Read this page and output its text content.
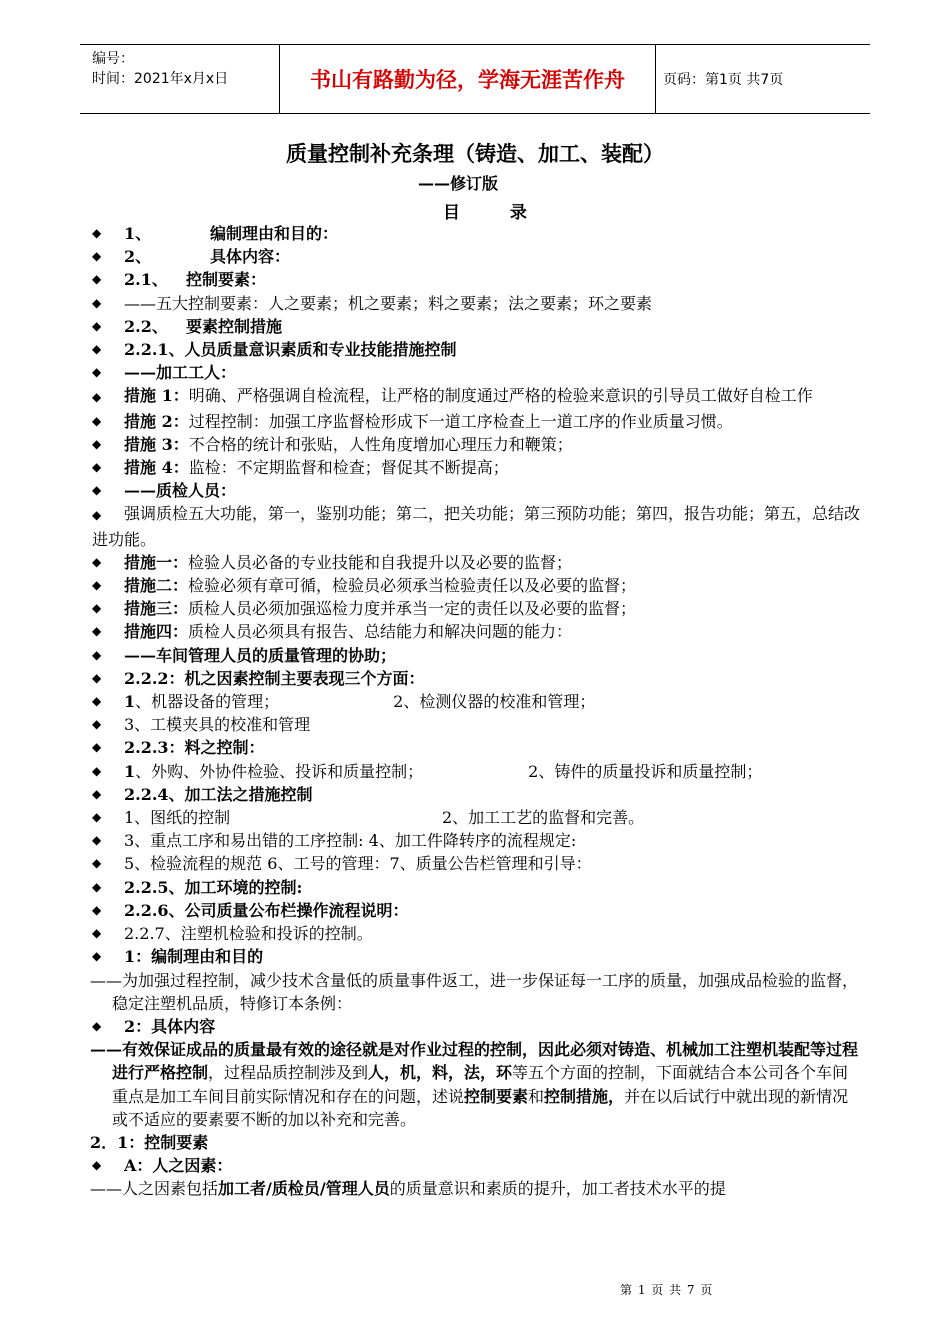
编号：
时间：2021年x月x日	书山有路勤为径，学海无涯苦作舟	页码：第1页 共7页
质量控制补充条理（铸造、加工、装配）
——修订版
目 录
◆ 1、	编制理由和目的：
◆ 2、	具体内容：
◆ 2.1、 控制要素：
◆ ——五大控制要素：人之要素；机之要素；料之要素；法之要素；环之要素
◆ 2.2、 要素控制措施
◆ 2.2.1、人员质量意识素质和专业技能措施控制
◆ ——加工工人：
◆ 措施 1：明确、严格强调自检流程，让严格的制度通过严格的检验来意识的引导员工做好自检工作
◆ 措施 2：过程控制：加强工序监督检形成下一道工序检查上一道工序的作业质量习惯。
◆ 措施 3：不合格的统计和张贴，人性角度增加心理压力和鞭策；
◆ 措施 4：监检：不定期监督和检查；督促其不断提高；
◆ ——质检人员：
◆ 强调质检五大功能，第一，鉴别功能；第二，把关功能；第三预防功能；第四，报告功能；第五，总结改进功能。
◆ 措施一：检验人员必备的专业技能和自我提升以及必要的监督；
◆ 措施二：检验必须有章可循，检验员必须承当检验责任以及必要的监督；
◆ 措施三：质检人员必须加强巡检力度并承当一定的责任以及必要的监督；
◆ 措施四：质检人员必须具有报告、总结能力和解决问题的能力：
◆ ——车间管理人员的质量管理的协助；
◆ 2.2.2：机之因素控制主要表现三个方面：
◆ 1、机器设备的管理；	2、检测仪器的校准和管理；
◆ 3、工模夹具的校准和管理
◆ 2.2.3：料之控制：
◆ 1、外购、外协件检验、投诉和质量控制；	2、铸件的质量投诉和质量控制；
◆ 2.2.4、加工法之措施控制
◆ 1、图纸的控制	2、加工工艺的监督和完善。
◆ 3、重点工序和易出错的工序控制: 4、加工件降转序的流程规定:
◆ 5、检验流程的规范 6、工号的管理：7、质量公告栏管理和引导：
◆ 2.2.5、加工环境的控制:
◆ 2.2.6、公司质量公布栏操作流程说明：
◆ 2.2.7、注塑机检验和投诉的控制。
◆ 1：编制理由和目的
——为加强过程控制，减少技术含量低的质量事件返工，进一步保证每一工序的质量，加强成品检验的监督，稳定注塑机品质，特修订本条例：
◆ 2：具体内容
——有效保证成品的质量最有效的途径就是对作业过程的控制，因此必须对铸造、机械加工注塑机装配等过程进行严格控制，过程品质控制涉及到人，机，料，法，环等五个方面的控制，下面就结合本公司各个车间重点是加工车间目前实际情况和存在的问题，述说控制要素和控制措施，并在以后试行中就出现的新情况或不适应的要素要不断的加以补充和完善。
2．1：控制要素
◆ A：人之因素：
——人之因素包括加工者/质检员/管理人员的质量意识和素质的提升，加工者技术水平的提
第 1 页 共 7 页
